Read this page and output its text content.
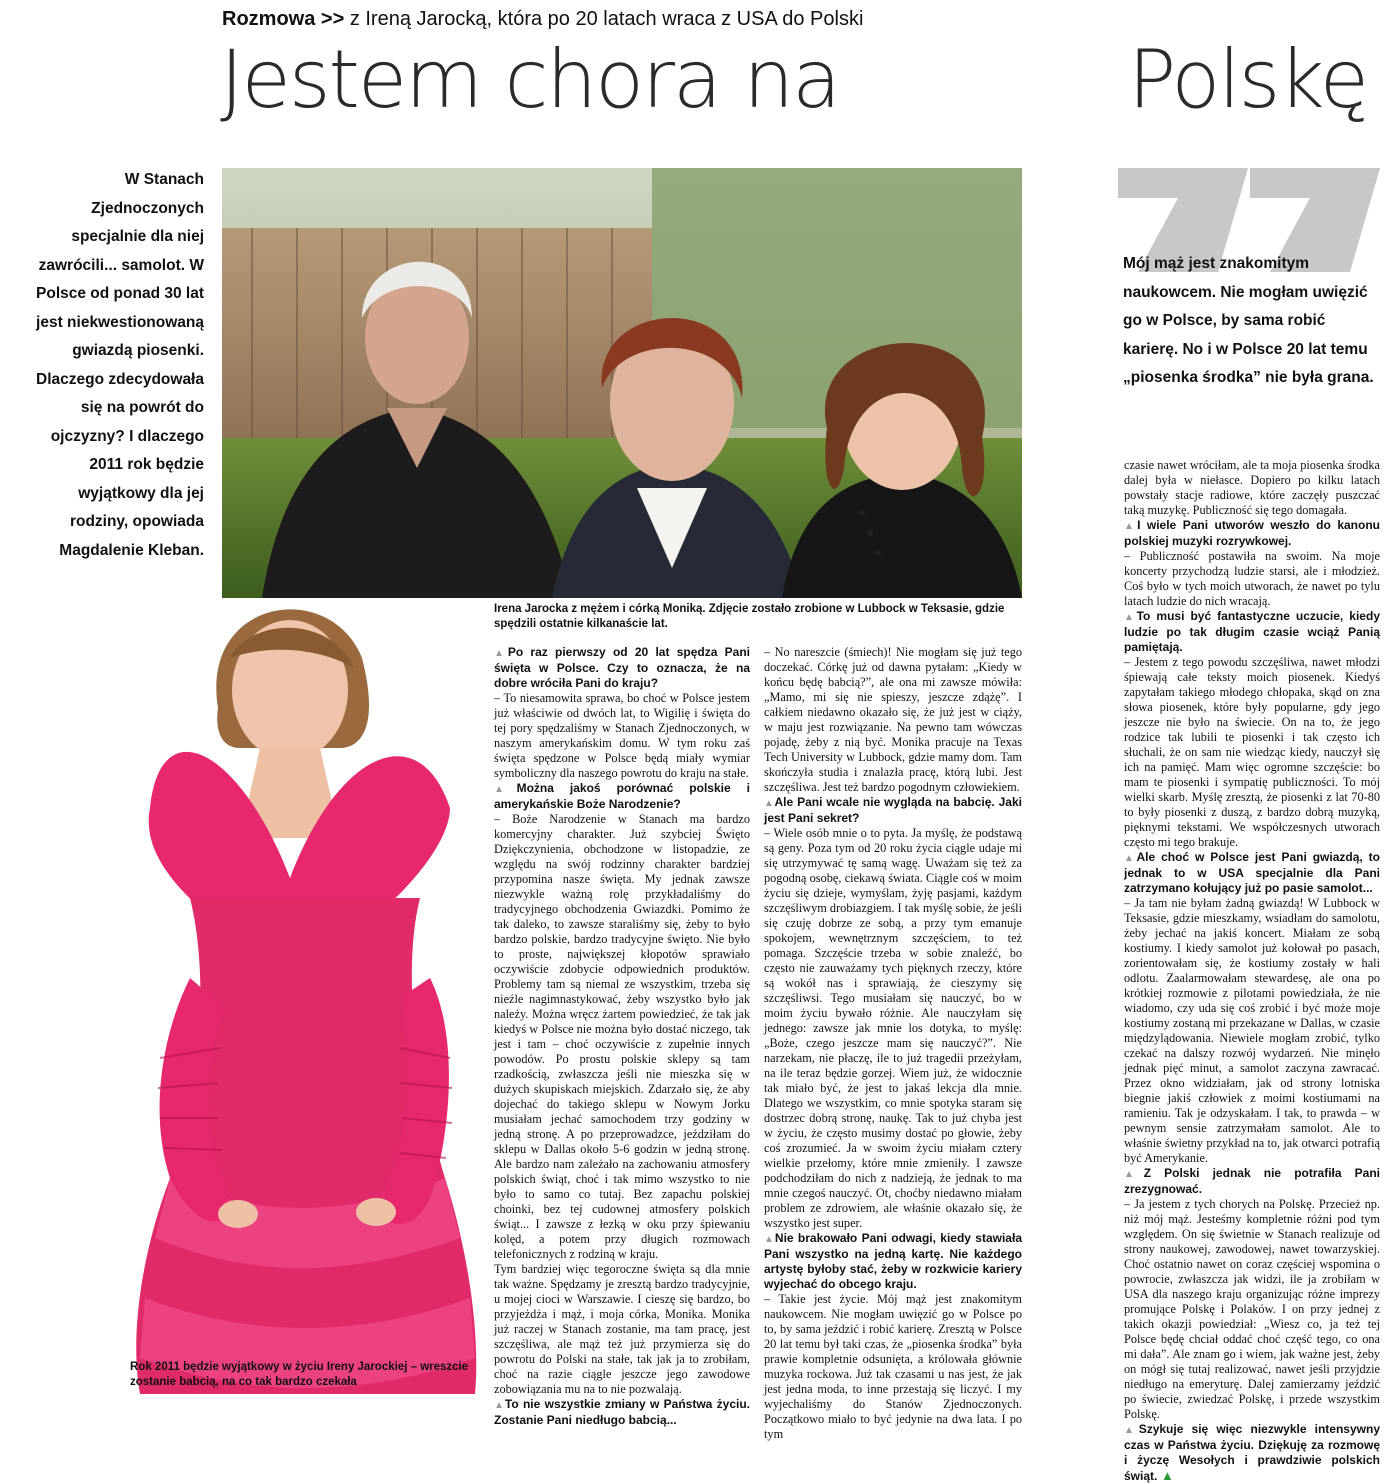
Rozmowa >> z Ireną Jarocką, która po 20 latach wraca z USA do Polski
Jestem chora na	Polskę
W Stanach Zjednoczonych specjalnie dla niej zawrócili... samolot. W Polsce od ponad 30 lat jest niekwestionowaną gwiazdą piosenki. Dlaczego zdecydowała się na powrót do ojczyzny? I dlaczego 2011 rok będzie wyjątkowy dla jej rodziny, opowiada Magdalenie Kleban.
Irena Jarocka z mężem i córką Moniką. Zdjęcie zostało zrobione w Lubbock w Teksasie, gdzie spędzili ostatnie kilkanaście lat.
Rok 2011 będzie wyjątkowy w życiu Ireny Jarockiej – wreszcie zostanie babcią, na co tak bardzo czekała
Mój mąż jest znakomitym naukowcem. Nie mogłam uwięzić go w Polsce, by sama robić karierę. No i w Polsce 20 lat temu „piosenka środka” nie była grana.

▲ Po raz pierwszy od 20 lat spędza Pani święta w Polsce. Czy to oznacza, że na dobre wróciła Pani do kraju?

– To niesamowita sprawa, bo choć w Polsce jestem już właściwie od dwóch lat, to Wigilię i święta do tej pory spędzaliśmy w Stanach Zjednoczonych, w naszym amerykańskim domu. W tym roku zaś święta spędzone w Polsce będą miały wymiar symboliczny dla naszego powrotu do kraju na stałe.

▲ Można jakoś porównać polskie i amerykańskie Boże Narodzenie?

– Boże Narodzenie w Stanach ma bardzo komercyjny charakter. Już szybciej Święto Dziękczynienia, obchodzone w listopadzie, ze względu na swój rodzinny charakter bardziej przypomina nasze święta. My jednak zawsze niezwykle ważną rolę przykładaliśmy do tradycyjnego obchodzenia Gwiazdki. Pomimo że tak daleko, to zawsze staraliśmy się, żeby to było bardzo polskie, bardzo tradycyjne święto. Nie było to proste, największej kłopotów sprawiało oczywiście zdobycie odpowiednich produktów. Problemy tam są niemal ze wszystkim, trzeba się nieźle nagimnastykować, żeby wszystko było jak należy. Można wręcz żartem powiedzieć, że tak jak kiedyś w Polsce nie można było dostać niczego, tak jest i tam – choć oczywiście z zupełnie innych powodów. Po prostu polskie sklepy są tam rzadkością, zwłaszcza jeśli nie mieszka się w dużych skupiskach miejskich. Zdarzało się, że aby dojechać do takiego sklepu w Nowym Jorku musiałam jechać samochodem trzy godziny w jedną stronę. A po przeprowadzce, jeździłam do sklepu w Dallas około 5-6 godzin w jedną stronę. Ale bardzo nam zależało na zachowaniu atmosfery polskich świąt, choć i tak mimo wszystko to nie było to samo co tutaj. Bez zapachu polskiej choinki, bez tej cudownej atmosfery polskich świąt... I zawsze z łezką w oku przy śpiewaniu kolęd, a potem przy długich rozmowach telefonicznych z rodziną w kraju.

Tym bardziej więc tegoroczne święta są dla mnie tak ważne. Spędzamy je zresztą bardzo tradycyjnie, u mojej cioci w Warszawie. I cieszę się bardzo, bo przyjeżdża i mąż, i moja córka, Monika. Monika już raczej w Stanach zostanie, ma tam pracę, jest szczęśliwa, ale mąż też już przymierza się do powrotu do Polski na stałe, tak jak ja to zrobiłam, choć na razie ciągle jeszcze jego zawodowe zobowiązania mu na to nie pozwalają.

▲ To nie wszystkie zmiany w Państwa życiu. Zostanie Pani niedługo babcią...

– No nareszcie (śmiech)! Nie mogłam się już tego doczekać. Córkę już od dawna pytałam: „Kiedy w końcu będę babcią?”, ale ona mi zawsze mówiła: „Mamo, mi się nie spieszy, jeszcze zdążę”. I całkiem niedawno okazało się, że już jest w ciąży, w maju jest rozwiązanie. Na pewno tam wówczas pojadę, żeby z nią być. Monika pracuje na Texas Tech University w Lubbock, gdzie mamy dom. Tam skończyła studia i znalazła pracę, którą lubi. Jest szczęśliwa. Jest też bardzo pogodnym człowiekiem.

▲ Ale Pani wcale nie wygląda na babcię. Jaki jest Pani sekret?

– Wiele osób mnie o to pyta. Ja myślę, że podstawą są geny. Poza tym od 20 roku życia ciągle udaje mi się utrzymywać tę samą wagę. Uważam się też za pogodną osobę, ciekawą świata. Ciągle coś w moim życiu się dzieje, wymyślam, żyję pasjami, każdym szczęśliwym drobiazgiem. I tak myślę sobie, że jeśli się czuję dobrze ze sobą, a przy tym emanuje spokojem, wewnętrznym szczęściem, to też pomaga. Szczęście trzeba w sobie znaleźć, bo często nie zauważamy tych pięknych rzeczy, które są wokół nas i sprawiają, że cieszymy się szczęśliwsi. Tego musiałam się nauczyć, bo w moim życiu bywało różnie. Ale nauczyłam się jednego: zawsze jak mnie los dotyka, to myślę: „Boże, czego jeszcze mam się nauczyć?”. Nie narzekam, nie płaczę, ile to już tragedii przeżyłam, na ile teraz będzie gorzej. Wiem już, że widocznie tak miało być, że jest to jakaś lekcja dla mnie. Dlatego we wszystkim, co mnie spotyka staram się dostrzec dobrą stronę, naukę. Tak to już chyba jest w życiu, że często musimy dostać po głowie, żeby coś zrozumieć. Ja w swoim życiu miałam cztery wielkie przełomy, które mnie zmieniły. I zawsze podchodziłam do nich z nadzieją, że jednak to ma mnie czegoś nauczyć. Ot, choćby niedawno miałam problem ze zdrowiem, ale właśnie okazało się, że wszystko jest super.

▲ Nie brakowało Pani odwagi, kiedy stawiała Pani wszystko na jedną kartę. Nie każdego artystę byłoby stać, żeby w rozkwicie kariery wyjechać do obcego kraju.

– Takie jest życie. Mój mąż jest znakomitym naukowcem. Nie mogłam uwięzić go w Polsce po to, by sama jeździć i robić karierę. Zresztą w Polsce 20 lat temu był taki czas, że „piosenka środka” była prawie kompletnie odsunięta, a królowała głównie muzyka rockowa. Już tak czasami u nas jest, że jak jest jedna moda, to inne przestają się liczyć. I my wyjechaliśmy do Stanów Zjednoczonych. Początkowo miało to być jedynie na dwa lata. I po tym

czasie nawet wróciłam, ale ta moja piosenka środka dalej była w niełasce. Dopiero po kilku latach powstały stacje radiowe, które zaczęły puszczać taką muzykę. Publiczność się tego domagała.

▲ I wiele Pani utworów weszło do kanonu polskiej muzyki rozrywkowej.

– Publiczność postawiła na swoim. Na moje koncerty przychodzą ludzie starsi, ale i młodzież. Coś było w tych moich utworach, że nawet po tylu latach ludzie do nich wracają.

▲ To musi być fantastyczne uczucie, kiedy ludzie po tak długim czasie wciąż Panią pamiętają.

– Jestem z tego powodu szczęśliwa, nawet młodzi śpiewają całe teksty moich piosenek. Kiedyś zapytałam takiego młodego chłopaka, skąd on zna słowa piosenek, które były popularne, gdy jego jeszcze nie było na świecie. On na to, że jego rodzice tak lubili te piosenki i tak często ich słuchali, że on sam nie wiedząc kiedy, nauczył się ich na pamięć. Mam więc ogromne szczęście: bo mam te piosenki i sympatię publiczności. To mój wielki skarb. Myślę zresztą, że piosenki z lat 70-80 to były piosenki z duszą, z bardzo dobrą muzyką, pięknymi tekstami. We współczesnych utworach często mi tego brakuje.

▲ Ale choć w Polsce jest Pani gwiazdą, to jednak to w USA specjalnie dla Pani zatrzymano kołujący już po pasie samolot...

– Ja tam nie byłam żadną gwiazdą! W Lubbock w Teksasie, gdzie mieszkamy, wsiadłam do samolotu, żeby jechać na jakiś koncert. Miałam ze sobą kostiumy. I kiedy samolot już kołował po pasach, zorientowałam się, że kostiumy zostały w hali odlotu. Zaalarmowałam stewardesę, ale ona po krótkiej rozmowie z pilotami powiedziała, że nie wiadomo, czy uda się coś zrobić i być może moje kostiumy zostaną mi przekazane w Dallas, w czasie międzylądowania. Niewiele mogłam zrobić, tylko czekać na dalszy rozwój wydarzeń. Nie minęło jednak pięć minut, a samolot zaczyna zawracać. Przez okno widziałam, jak od strony lotniska biegnie jakiś człowiek z moimi kostiumami na ramieniu. Tak je odzyskałam. I tak, to prawda – w pewnym sensie zatrzymałam samolot. Ale to właśnie świetny przykład na to, jak otwarci potrafią być Amerykanie.

▲ Z Polski jednak nie potrafiła Pani zrezygnować.

– Ja jestem z tych chorych na Polskę. Przecież np. niż mój mąż. Jesteśmy kompletnie różni pod tym względem. On się świetnie w Stanach realizuje od strony naukowej, zawodowej, nawet towarzyskiej. Choć ostatnio nawet on coraz częściej wspomina o powrocie, zwłaszcza jak widzi, ile ja zrobiłam w USA dla naszego kraju organizując różne imprezy promujące Polskę i Polaków. I on przy jednej z takich okazji powiedział: „Wiesz co, ja też tej Polsce będę chciał oddać choć część tego, co ona mi dała”. Ale znam go i wiem, jak ważne jest, żeby on mógł się tutaj realizować, nawet jeśli przyjdzie niedługo na emeryturę. Dalej zamierzamy jeździć po świecie, zwiedzać Polskę, i przede wszystkim Polskę.

▲ Szykuje się więc niezwykle intensywny czas w Państwa życiu. Dziękuję za rozmowę i życzę Wesołych i prawdziwie polskich świąt. ▲
